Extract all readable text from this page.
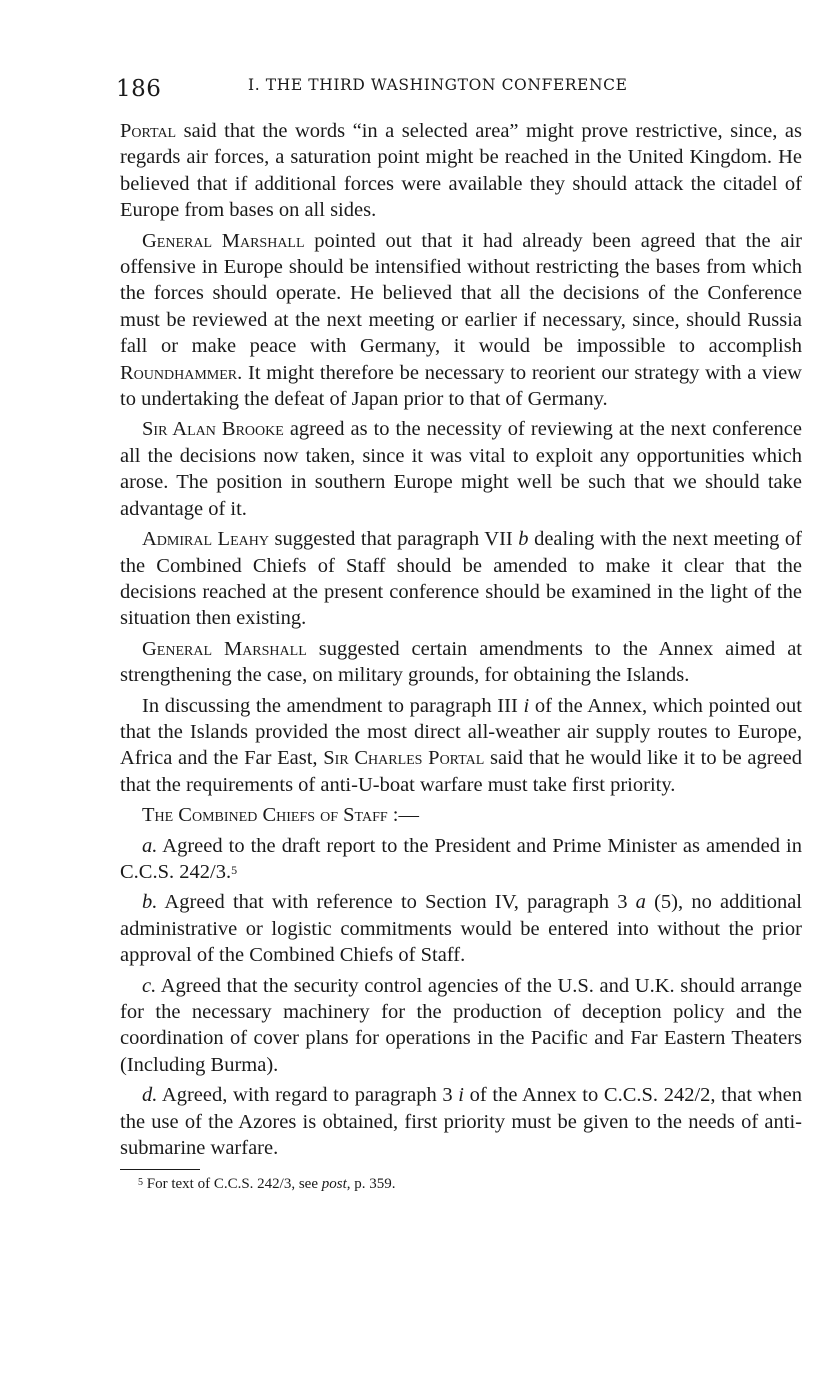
186	I. THE THIRD WASHINGTON CONFERENCE

Portal said that the words “in a selected area” might prove restrictive, since, as regards air forces, a saturation point might be reached in the United Kingdom. He believed that if additional forces were available they should attack the citadel of Europe from bases on all sides.

General Marshall pointed out that it had already been agreed that the air offensive in Europe should be intensified without restricting the bases from which the forces should operate. He believed that all the decisions of the Conference must be reviewed at the next meeting or earlier if necessary, since, should Russia fall or make peace with Germany, it would be impossible to accomplish Roundhammer. It might therefore be necessary to reorient our strategy with a view to undertaking the defeat of Japan prior to that of Germany.

Sir Alan Brooke agreed as to the necessity of reviewing at the next conference all the decisions now taken, since it was vital to exploit any opportunities which arose. The position in southern Europe might well be such that we should take advantage of it.

Admiral Leahy suggested that paragraph VII b dealing with the next meeting of the Combined Chiefs of Staff should be amended to make it clear that the decisions reached at the present conference should be examined in the light of the situation then existing.

General Marshall suggested certain amendments to the Annex aimed at strengthening the case, on military grounds, for obtaining the Islands.

In discussing the amendment to paragraph III i of the Annex, which pointed out that the Islands provided the most direct all-weather air supply routes to Europe, Africa and the Far East, Sir Charles Portal said that he would like it to be agreed that the requirements of anti-U-boat warfare must take first priority.

The Combined Chiefs of Staff :—

a. Agreed to the draft report to the President and Prime Minister as amended in C.C.S. 242/3.$^5$

b. Agreed that with reference to Section IV, paragraph 3 a (5), no additional administrative or logistic commitments would be entered into without the prior approval of the Combined Chiefs of Staff.

c. Agreed that the security control agencies of the U.S. and U.K. should arrange for the necessary machinery for the production of deception policy and the coordination of cover plans for operations in the Pacific and Far Eastern Theaters (Including Burma).

d. Agreed, with regard to paragraph 3 i of the Annex to C.C.S. 242/2, that when the use of the Azores is obtained, first priority must be given to the needs of anti-submarine warfare.

$^5$ For text of C.C.S. 242/3, see post, p. 359.
